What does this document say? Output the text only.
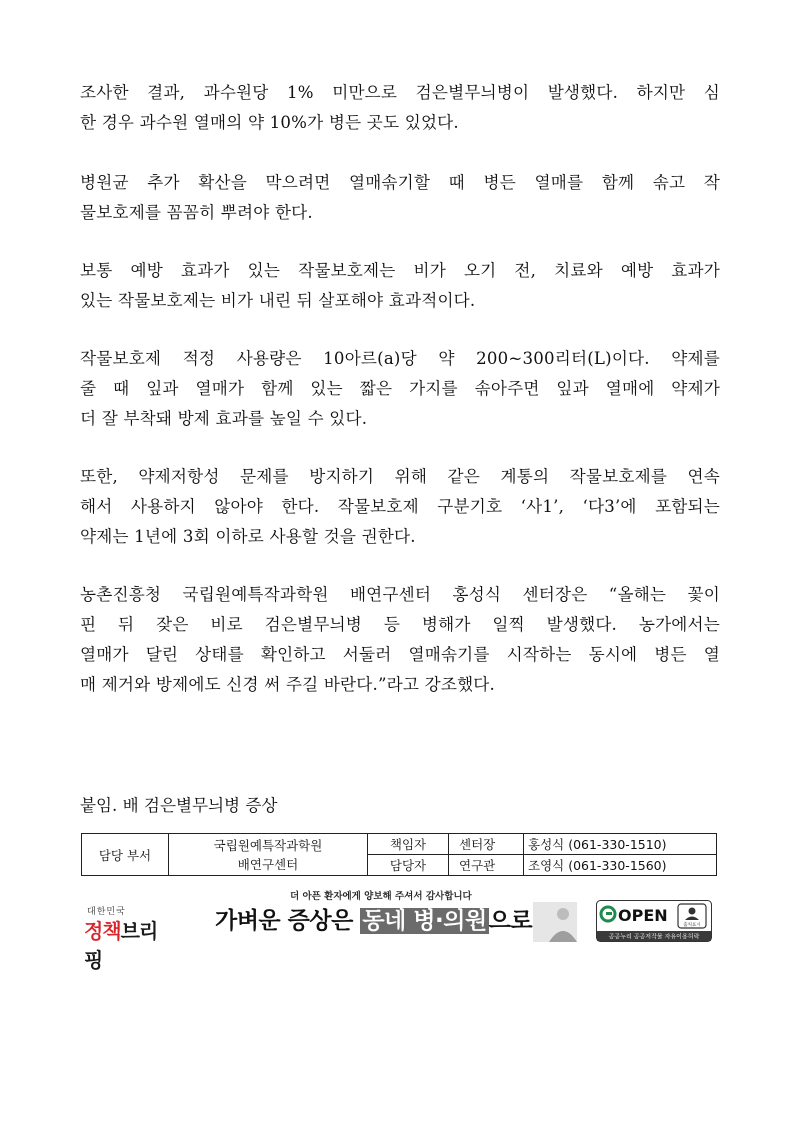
조사한 결과, 과수원당 1% 미만으로 검은별무늬병이 발생했다. 하지만 심
한 경우 과수원 열매의 약 10%가 병든 곳도 있었다.
병원균 추가 확산을 막으려면 열매솎기할 때 병든 열매를 함께 솎고 작
물보호제를 꼼꼼히 뿌려야 한다.
보통 예방 효과가 있는 작물보호제는 비가 오기 전, 치료와 예방 효과가
있는 작물보호제는 비가 내린 뒤 살포해야 효과적이다.
작물보호제 적정 사용량은 10아르(a)당 약 200~300리터(L)이다. 약제를
줄 때 잎과 열매가 함께 있는 짧은 가지를 솎아주면 잎과 열매에 약제가
더 잘 부착돼 방제 효과를 높일 수 있다.
또한, 약제저항성 문제를 방지하기 위해 같은 계통의 작물보호제를 연속
해서 사용하지 않아야 한다. 작물보호제 구분기호 ‘사1’, ‘다3’에 포함되는
약제는 1년에 3회 이하로 사용할 것을 권한다.
농촌진흥청 국립원예특작과학원 배연구센터 홍성식 센터장은 “올해는 꽃이
핀 뒤 잦은 비로 검은별무늬병 등 병해가 일찍 발생했다. 농가에서는
열매가 달린 상태를 확인하고 서둘러 열매솎기를 시작하는 동시에 병든 열
매 제거와 방제에도 신경 써 주길 바란다.”라고 강조했다.
붙임. 배 검은별무늬병 증상
담당 부서	국립원예특작과학원
배연구센터	책임자	센터장	홍성식 (061-330-1510)
		담당자	연구관	조영식 (061-330-1560)
대한민국
정책브리핑
더 아픈 환자에게 양보해 주셔서 감사합니다
가벼운 증상은 동네 병·의원으로	OPEN
출처표시
공공누리 공공저작물 자유이용허락
